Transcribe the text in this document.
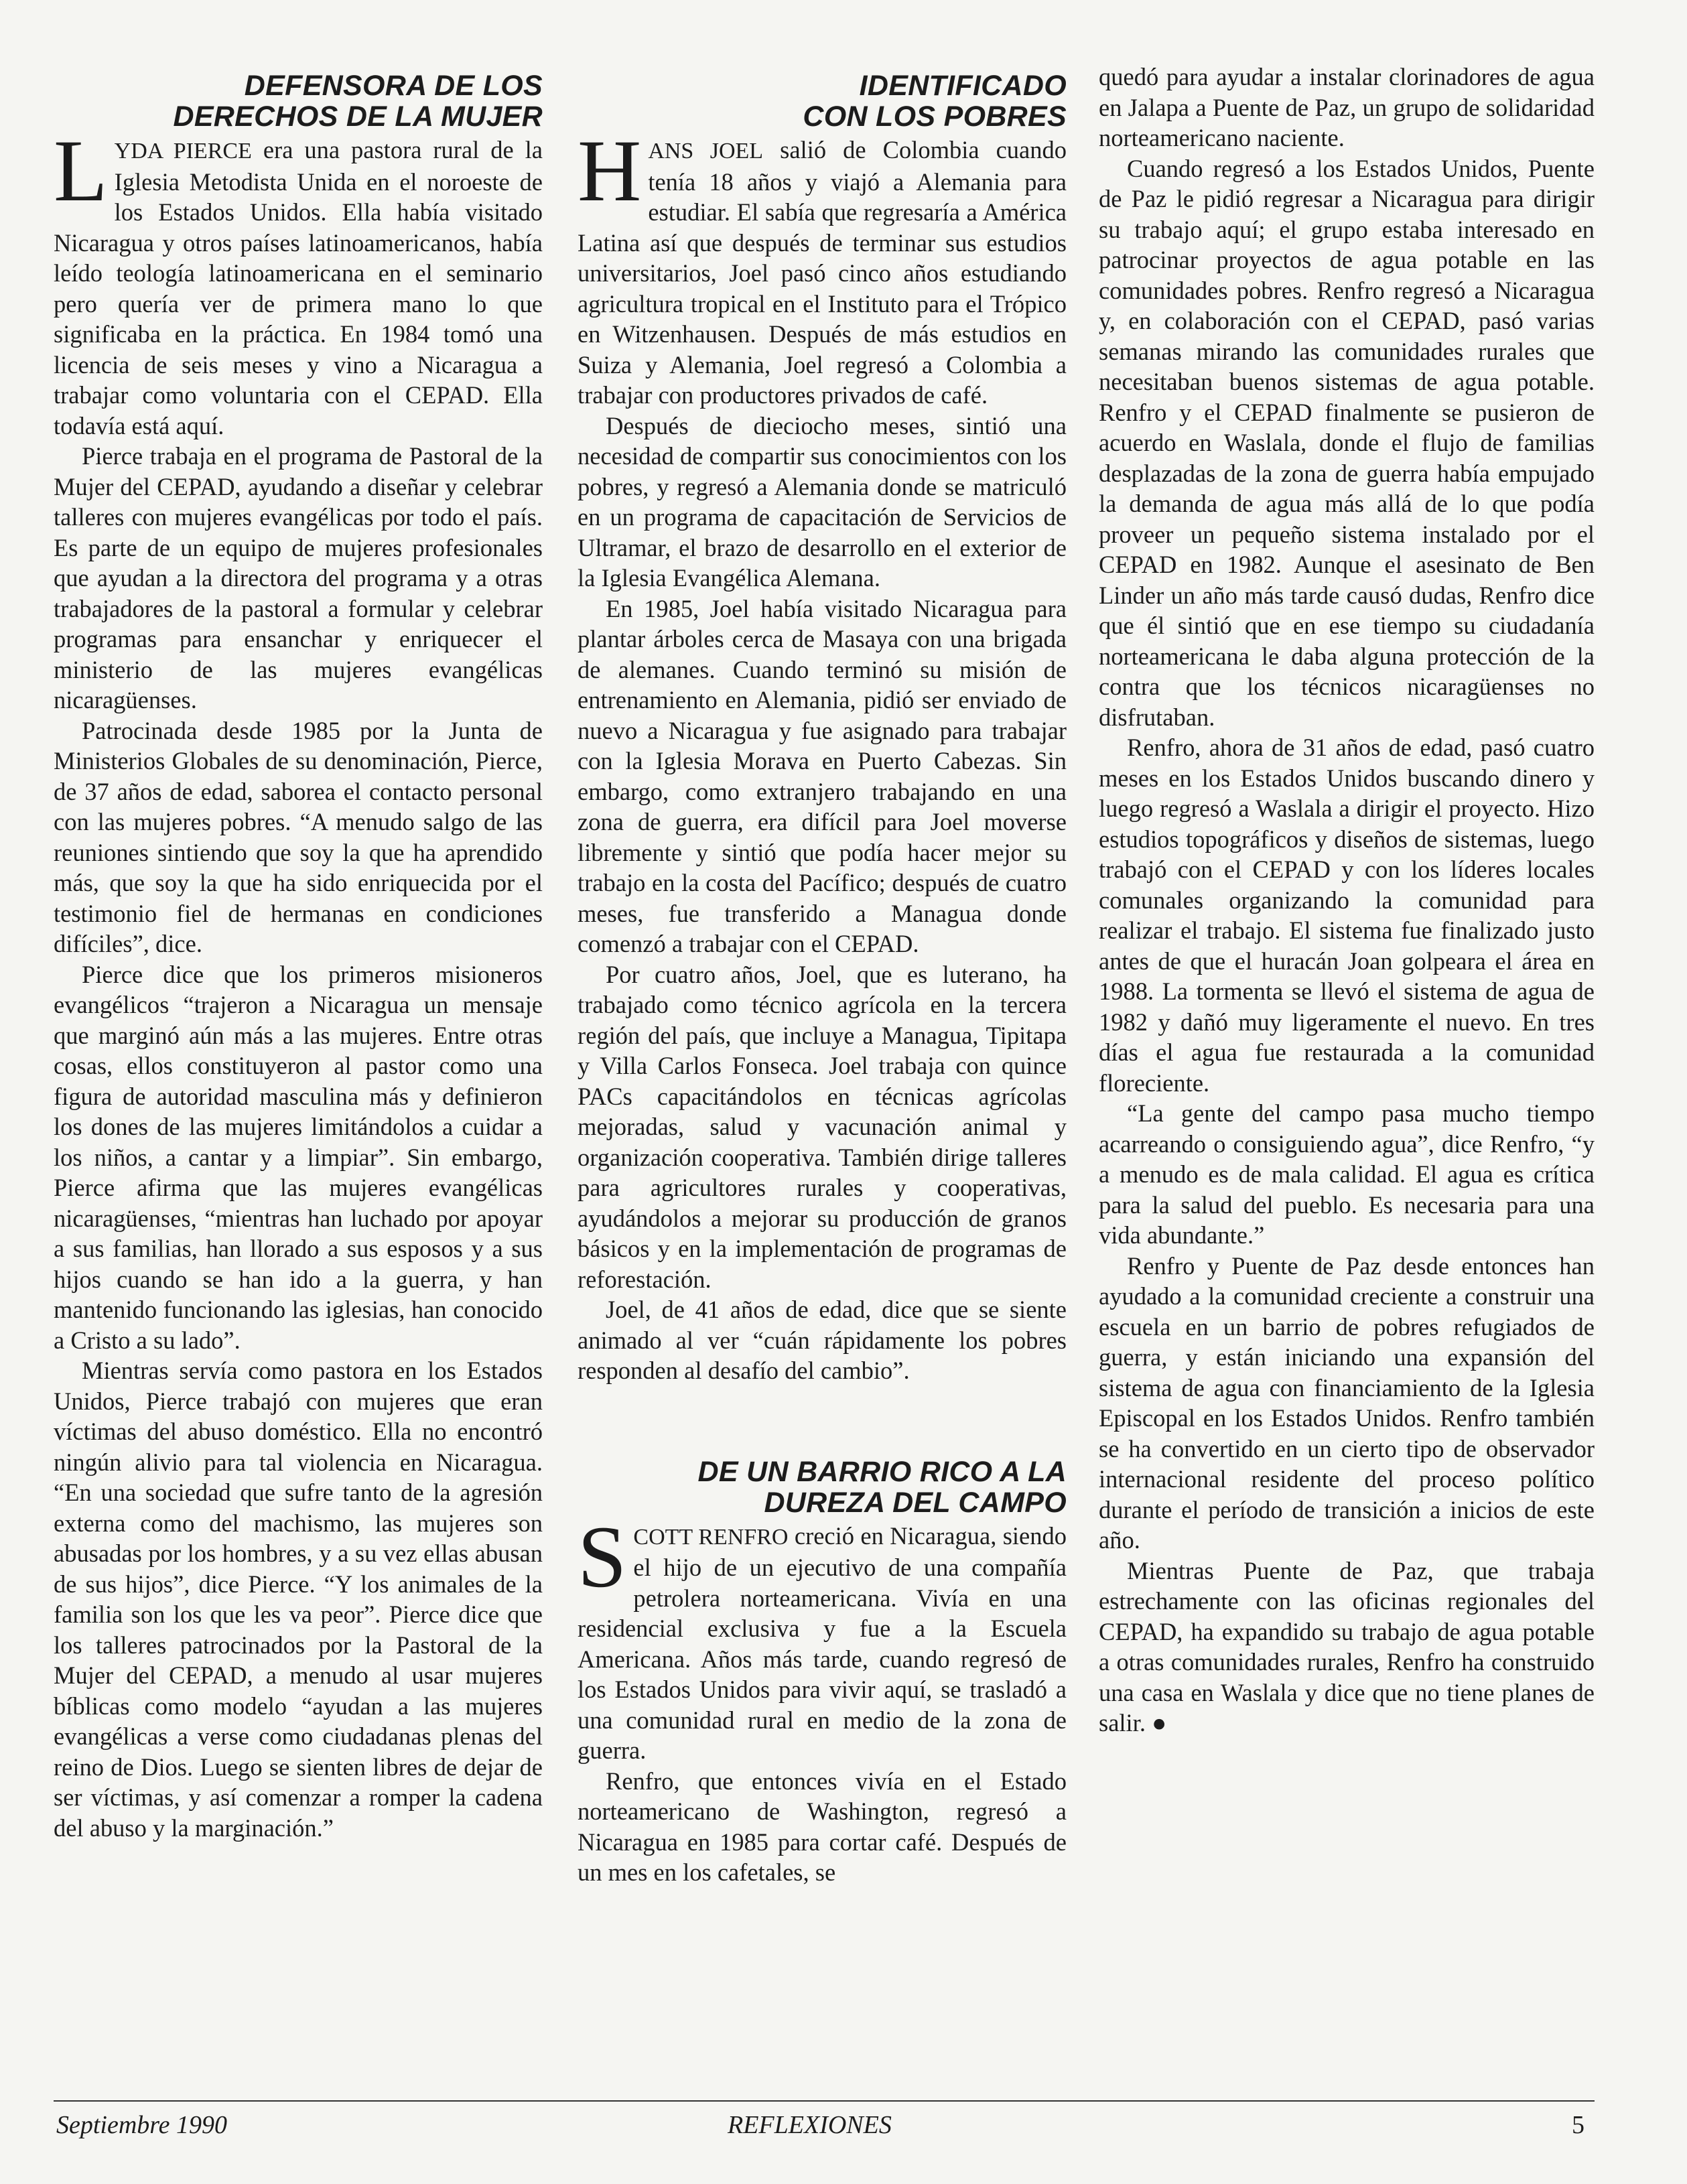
DEFENSORA DE LOS
DERECHOS DE LA MUJER

LYDA PIERCE era una pastora rural de la Iglesia Metodista Unida en el noroeste de los Estados Unidos. Ella había visitado Nicaragua y otros países latinoamericanos, había leído teología latinoamericana en el seminario pero quería ver de primera mano lo que significaba en la práctica. En 1984 tomó una licencia de seis meses y vino a Nicaragua a trabajar como voluntaria con el CEPAD. Ella todavía está aquí.

Pierce trabaja en el programa de Pastoral de la Mujer del CEPAD, ayudando a diseñar y celebrar talleres con mujeres evangélicas por todo el país. Es parte de un equipo de mujeres profesionales que ayudan a la directora del programa y a otras trabajadores de la pastoral a formular y celebrar programas para ensanchar y enriquecer el ministerio de las mujeres evangélicas nicaragüenses.

Patrocinada desde 1985 por la Junta de Ministerios Globales de su denominación, Pierce, de 37 años de edad, saborea el contacto personal con las mujeres pobres. “A menudo salgo de las reuniones sintiendo que soy la que ha aprendido más, que soy la que ha sido enriquecida por el testimonio fiel de hermanas en condiciones difíciles”, dice.

Pierce dice que los primeros misioneros evangélicos “trajeron a Nicaragua un mensaje que marginó aún más a las mujeres. Entre otras cosas, ellos constituyeron al pastor como una figura de autoridad masculina más y definieron los dones de las mujeres limitándolos a cuidar a los niños, a cantar y a limpiar”. Sin embargo, Pierce afirma que las mujeres evangélicas nicaragüenses, “mientras han luchado por apoyar a sus familias, han llorado a sus esposos y a sus hijos cuando se han ido a la guerra, y han mantenido funcionando las iglesias, han conocido a Cristo a su lado”.

Mientras servía como pastora en los Estados Unidos, Pierce trabajó con mujeres que eran víctimas del abuso doméstico. Ella no encontró ningún alivio para tal violencia en Nicaragua. “En una sociedad que sufre tanto de la agresión externa como del machismo, las mujeres son abusadas por los hombres, y a su vez ellas abusan de sus hijos”, dice Pierce. “Y los animales de la familia son los que les va peor”. Pierce dice que los talleres patrocinados por la Pastoral de la Mujer del CEPAD, a menudo al usar mujeres bíblicas como modelo “ayudan a las mujeres evangélicas a verse como ciudadanas plenas del reino de Dios. Luego se sienten libres de dejar de ser víctimas, y así comenzar a romper la cadena del abuso y la marginación.”

IDENTIFICADO
CON LOS POBRES

HANS JOEL salió de Colombia cuando tenía 18 años y viajó a Alemania para estudiar. El sabía que regresaría a América Latina así que después de terminar sus estudios universitarios, Joel pasó cinco años estudiando agricultura tropical en el Instituto para el Trópico en Witzenhausen. Después de más estudios en Suiza y Alemania, Joel regresó a Colombia a trabajar con productores privados de café.

Después de dieciocho meses, sintió una necesidad de compartir sus conocimientos con los pobres, y regresó a Alemania donde se matriculó en un programa de capacitación de Servicios de Ultramar, el brazo de desarrollo en el exterior de la Iglesia Evangélica Alemana.

En 1985, Joel había visitado Nicaragua para plantar árboles cerca de Masaya con una brigada de alemanes. Cuando terminó su misión de entrenamiento en Alemania, pidió ser enviado de nuevo a Nicaragua y fue asignado para trabajar con la Iglesia Morava en Puerto Cabezas. Sin embargo, como extranjero trabajando en una zona de guerra, era difícil para Joel moverse libremente y sintió que podía hacer mejor su trabajo en la costa del Pacífico; después de cuatro meses, fue transferido a Managua donde comenzó a trabajar con el CEPAD.

Por cuatro años, Joel, que es luterano, ha trabajado como técnico agrícola en la tercera región del país, que incluye a Managua, Tipitapa y Villa Carlos Fonseca. Joel trabaja con quince PACs capacitándolos en técnicas agrícolas mejoradas, salud y vacunación animal y organización cooperativa. También dirige talleres para agricultores rurales y cooperativas, ayudándolos a mejorar su producción de granos básicos y en la implementación de programas de reforestación.

Joel, de 41 años de edad, dice que se siente animado al ver “cuán rápidamente los pobres responden al desafío del cambio”.

DE UN BARRIO RICO A LA
DUREZA DEL CAMPO

SCOTT RENFRO creció en Nicaragua, siendo el hijo de un ejecutivo de una compañía petrolera norteamericana. Vivía en una residencial exclusiva y fue a la Escuela Americana. Años más tarde, cuando regresó de los Estados Unidos para vivir aquí, se trasladó a una comunidad rural en medio de la zona de guerra.

Renfro, que entonces vivía en el Estado norteamericano de Washington, regresó a Nicaragua en 1985 para cortar café. Después de un mes en los cafetales, se

quedó para ayudar a instalar clorinadores de agua en Jalapa a Puente de Paz, un grupo de solidaridad norteamericano naciente.

Cuando regresó a los Estados Unidos, Puente de Paz le pidió regresar a Nicaragua para dirigir su trabajo aquí; el grupo estaba interesado en patrocinar proyectos de agua potable en las comunidades pobres. Renfro regresó a Nicaragua y, en colaboración con el CEPAD, pasó varias semanas mirando las comunidades rurales que necesitaban buenos sistemas de agua potable. Renfro y el CEPAD finalmente se pusieron de acuerdo en Waslala, donde el flujo de familias desplazadas de la zona de guerra había empujado la demanda de agua más allá de lo que podía proveer un pequeño sistema instalado por el CEPAD en 1982. Aunque el asesinato de Ben Linder un año más tarde causó dudas, Renfro dice que él sintió que en ese tiempo su ciudadanía norteamericana le daba alguna protección de la contra que los técnicos nicaragüenses no disfrutaban.

Renfro, ahora de 31 años de edad, pasó cuatro meses en los Estados Unidos buscando dinero y luego regresó a Waslala a dirigir el proyecto. Hizo estudios topográficos y diseños de sistemas, luego trabajó con el CEPAD y con los líderes locales comunales organizando la comunidad para realizar el trabajo. El sistema fue finalizado justo antes de que el huracán Joan golpeara el área en 1988. La tormenta se llevó el sistema de agua de 1982 y dañó muy ligeramente el nuevo. En tres días el agua fue restaurada a la comunidad floreciente.

“La gente del campo pasa mucho tiempo acarreando o consiguiendo agua”, dice Renfro, “y a menudo es de mala calidad. El agua es crítica para la salud del pueblo. Es necesaria para una vida abundante.”

Renfro y Puente de Paz desde entonces han ayudado a la comunidad creciente a construir una escuela en un barrio de pobres refugiados de guerra, y están iniciando una expansión del sistema de agua con financiamiento de la Iglesia Episcopal en los Estados Unidos. Renfro también se ha convertido en un cierto tipo de observador internacional residente del proceso político durante el período de transición a inicios de este año.

Mientras Puente de Paz, que trabaja estrechamente con las oficinas regionales del CEPAD, ha expandido su trabajo de agua potable a otras comunidades rurales, Renfro ha construido una casa en Waslala y dice que no tiene planes de salir. ●

Septiembre 1990	REFLEXIONES	5
